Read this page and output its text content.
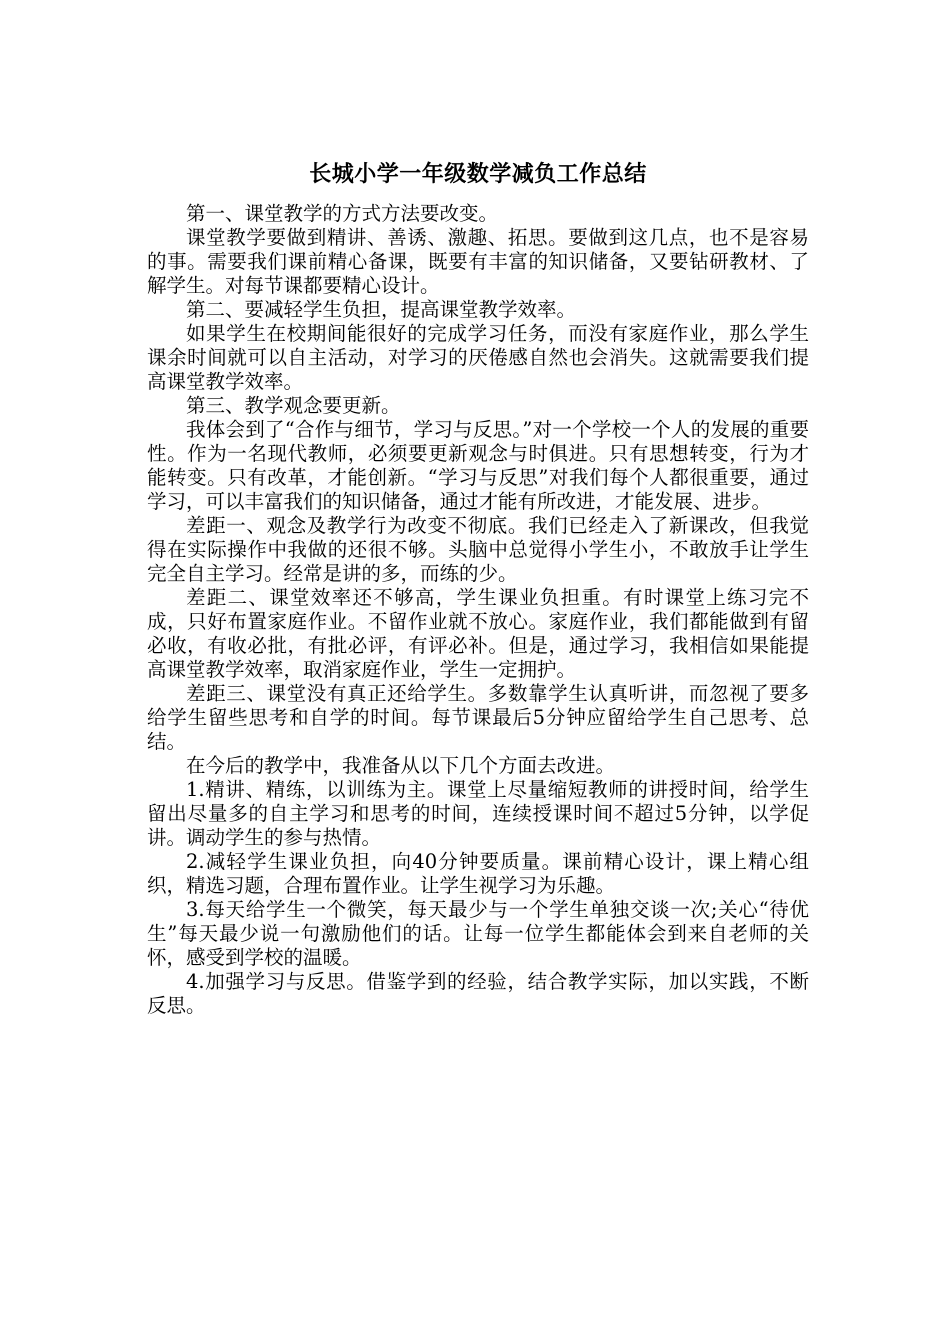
长城小学一年级数学减负工作总结

第一、课堂教学的方式方法要改变。

课堂教学要做到精讲、善诱、激趣、拓思。要做到这几点，也不是容易的事。需要我们课前精心备课，既要有丰富的知识储备，又要钻研教材、了解学生。对每节课都要精心设计。

第二、要减轻学生负担，提高课堂教学效率。

如果学生在校期间能很好的完成学习任务，而没有家庭作业，那么学生课余时间就可以自主活动，对学习的厌倦感自然也会消失。这就需要我们提高课堂教学效率。

第三、教学观念要更新。

我体会到了“合作与细节，学习与反思。”对一个学校一个人的发展的重要性。作为一名现代教师，必须要更新观念与时俱进。只有思想转变，行为才能转变。只有改革，才能创新。“学习与反思”对我们每个人都很重要，通过学习，可以丰富我们的知识储备，通过才能有所改进，才能发展、进步。

差距一、观念及教学行为改变不彻底。我们已经走入了新课改，但我觉得在实际操作中我做的还很不够。头脑中总觉得小学生小，不敢放手让学生完全自主学习。经常是讲的多，而练的少。

差距二、课堂效率还不够高，学生课业负担重。有时课堂上练习完不成，只好布置家庭作业。不留作业就不放心。家庭作业，我们都能做到有留必收，有收必批，有批必评，有评必补。但是，通过学习，我相信如果能提高课堂教学效率，取消家庭作业，学生一定拥护。

差距三、课堂没有真正还给学生。多数靠学生认真听讲，而忽视了要多给学生留些思考和自学的时间。每节课最后5分钟应留给学生自己思考、总结。

在今后的教学中，我准备从以下几个方面去改进。

1.精讲、精练，以训练为主。课堂上尽量缩短教师的讲授时间，给学生留出尽量多的自主学习和思考的时间，连续授课时间不超过5分钟，以学促讲。调动学生的参与热情。

2.减轻学生课业负担，向40分钟要质量。课前精心设计，课上精心组织，精选习题，合理布置作业。让学生视学习为乐趣。

3.每天给学生一个微笑，每天最少与一个学生单独交谈一次;关心“待优生”每天最少说一句激励他们的话。让每一位学生都能体会到来自老师的关怀，感受到学校的温暖。

4.加强学习与反思。借鉴学到的经验，结合教学实际，加以实践，不断反思。
